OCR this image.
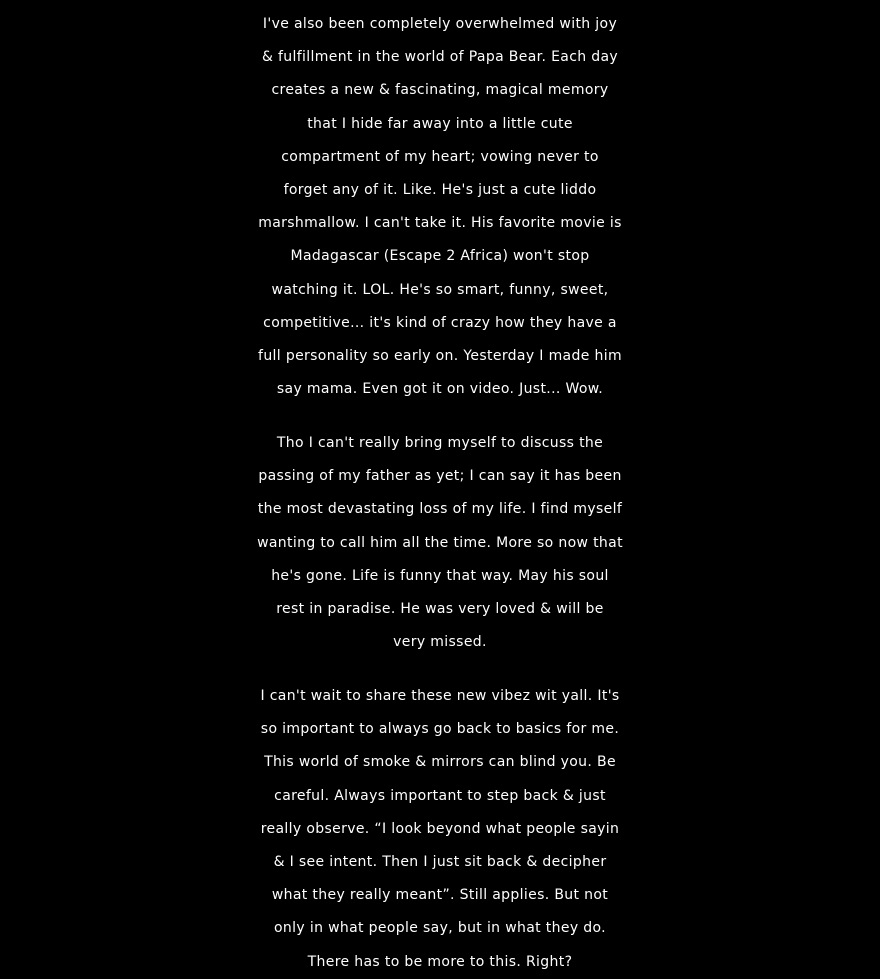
I've also been completely overwhelmed with joy
& fulfillment in the world of Papa Bear. Each day
creates a new & fascinating, magical memory
that I hide far away into a little cute
compartment of my heart; vowing never to
forget any of it. Like. He's just a cute liddo
marshmallow. I can't take it. His favorite movie is
Madagascar (Escape 2 Africa) won't stop
watching it. LOL. He's so smart, funny, sweet,
competitive... it's kind of crazy how they have a
full personality so early on. Yesterday I made him
say mama. Even got it on video. Just... Wow.
Tho I can't really bring myself to discuss the
passing of my father as yet; I can say it has been
the most devastating loss of my life. I find myself
wanting to call him all the time. More so now that
he's gone. Life is funny that way. May his soul
rest in paradise. He was very loved & will be
very missed.
I can't wait to share these new vibez wit yall. It's
so important to always go back to basics for me.
This world of smoke & mirrors can blind you. Be
careful. Always important to step back & just
really observe. “I look beyond what people sayin
& I see intent. Then I just sit back & decipher
what they really meant”. Still applies. But not
only in what people say, but in what they do.
There has to be more to this. Right?
